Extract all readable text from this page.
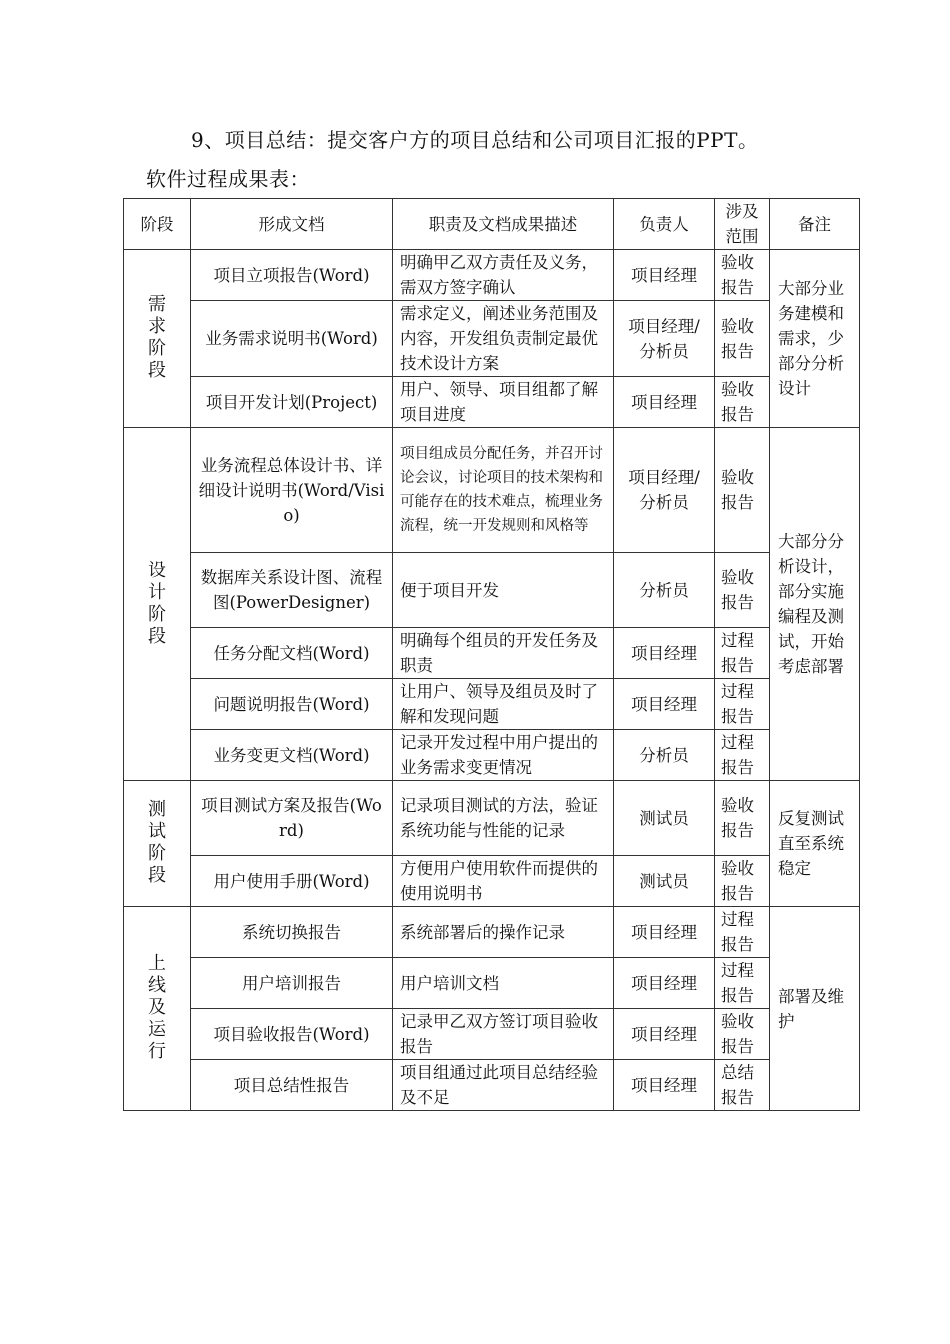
9、项目总结：提交客户方的项目总结和公司项目汇报的PPT。
软件过程成果表：
阶段	形成文档	职责及文档成果描述	负责人	涉及范围	备注
需求阶段	项目立项报告(Word)	明确甲乙双方责任及义务，需双方签字确认	项目经理	验收报告	大部分业务建模和需求，少部分分析设计
	业务需求说明书(Word)	需求定义，阐述业务范围及内容，开发组负责制定最优技术设计方案	项目经理/分析员	验收报告	
	项目开发计划(Project)	用户、领导、项目组都了解项目进度	项目经理	验收报告	
设计阶段	业务流程总体设计书、详细设计说明书(Word/Visio)	项目组成员分配任务，并召开讨论会议，讨论项目的技术架构和可能存在的技术难点，梳理业务流程，统一开发规则和风格等	项目经理/分析员	验收报告	大部分分析设计，部分实施编程及测试，开始考虑部署
	数据库关系设计图、流程图(PowerDesigner)	便于项目开发	分析员	验收报告	
	任务分配文档(Word)	明确每个组员的开发任务及职责	项目经理	过程报告	
	问题说明报告(Word)	让用户、领导及组员及时了解和发现问题	项目经理	过程报告	
	业务变更文档(Word)	记录开发过程中用户提出的业务需求变更情况	分析员	过程报告	
测试阶段	项目测试方案及报告(Word)	记录项目测试的方法，验证系统功能与性能的记录	测试员	验收报告	反复测试直至系统稳定
	用户使用手册(Word)	方便用户使用软件而提供的使用说明书	测试员	验收报告	
上线及运行	系统切换报告	系统部署后的操作记录	项目经理	过程报告	部署及维护
	用户培训报告	用户培训文档	项目经理	过程报告	
	项目验收报告(Word)	记录甲乙双方签订项目验收报告	项目经理	验收报告	
	项目总结性报告	项目组通过此项目总结经验及不足	项目经理	总结报告	
